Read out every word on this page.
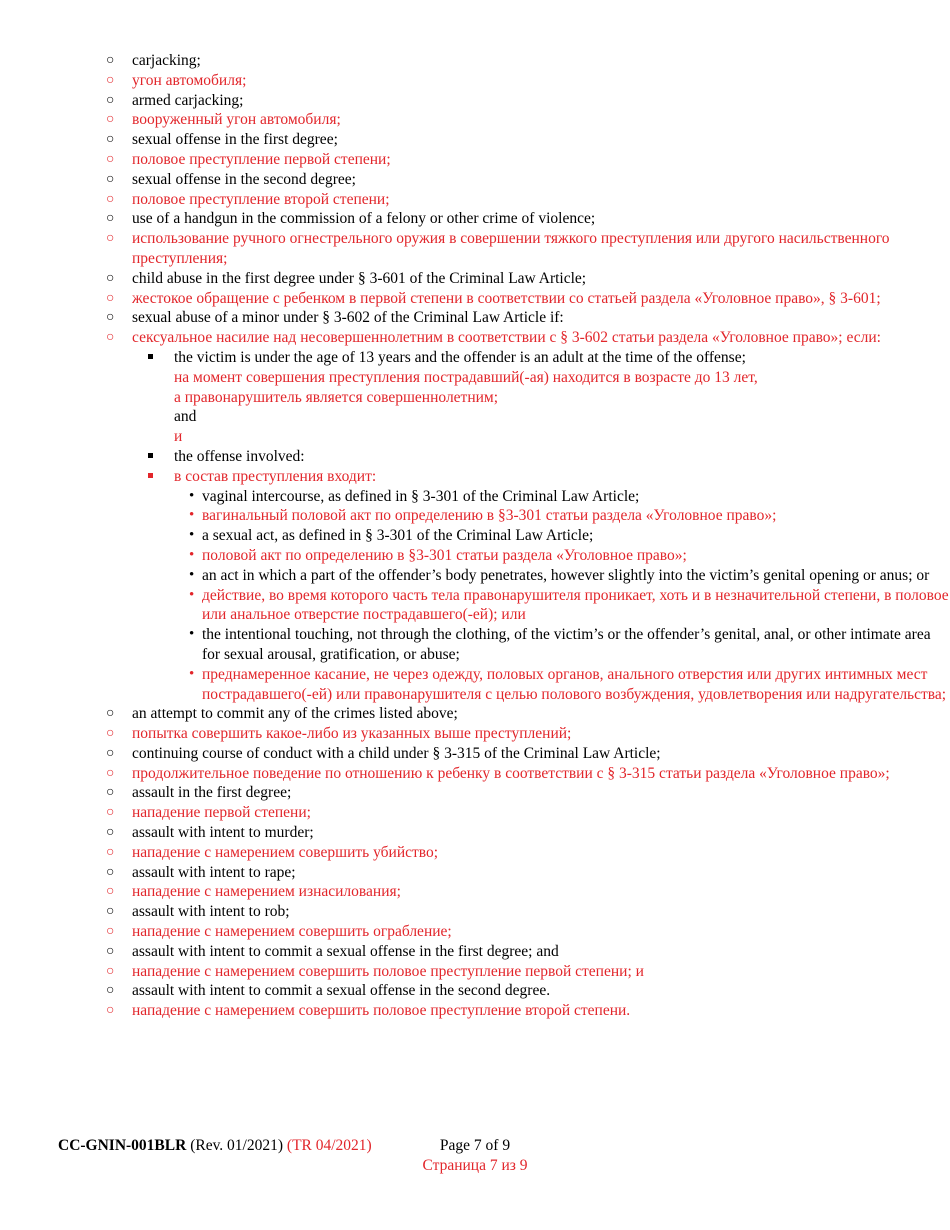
○ carjacking;
○ угон автомобиля;
○ armed carjacking;
○ вооруженный угон автомобиля;
○ sexual offense in the first degree;
○ половое преступление первой степени;
○ sexual offense in the second degree;
○ половое преступление второй степени;
○ use of a handgun in the commission of a felony or other crime of violence;
○ использование ручного огнестрельного оружия в совершении тяжкого преступления или другого насильственного преступления;
○ child abuse in the first degree under § 3-601 of the Criminal Law Article;
○ жестокое обращение с ребенком в первой степени в соответствии со статьей раздела «Уголовное право», § 3-601;
○ sexual abuse of a minor under § 3-602 of the Criminal Law Article if:
○ сексуальное насилие над несовершеннолетним в соответствии с § 3-602 статьи раздела «Уголовное право»; если:
the victim is under the age of 13 years and the offender is an adult at the time of the offense;
на момент совершения преступления пострадавший(-ая) находится в возрасте до 13 лет,
а правонарушитель является совершеннолетним;
and
и
the offense involved:
в состав преступления входит:
• vaginal intercourse, as defined in § 3-301 of the Criminal Law Article;
• вагинальный половой акт по определению в §3-301 статьи раздела «Уголовное право»;
• a sexual act, as defined in § 3-301 of the Criminal Law Article;
• половой акт по определению в §3-301 статьи раздела «Уголовное право»;
• an act in which a part of the offender’s body penetrates, however slightly into the victim’s genital opening or anus; or
• действие, во время которого часть тела правонарушителя проникает, хоть и в незначительной степени, в половое или анальное отверстие пострадавшего(-ей); или
• the intentional touching, not through the clothing, of the victim’s or the offender’s genital, anal, or other intimate area for sexual arousal, gratification, or abuse;
• преднамеренное касание, не через одежду, половых органов, анального отверстия или других интимных мест пострадавшего(-ей) или правонарушителя с целью полового возбуждения, удовлетворения или надругательства;
○ an attempt to commit any of the crimes listed above;
○ попытка совершить какое-либо из указанных выше преступлений;
○ continuing course of conduct with a child under § 3-315 of the Criminal Law Article;
○ продолжительное поведение по отношению к ребенку в соответствии с § 3-315 статьи раздела «Уголовное право»;
○ assault in the first degree;
○ нападение первой степени;
○ assault with intent to murder;
○ нападение с намерением совершить убийство;
○ assault with intent to rape;
○ нападение с намерением изнасилования;
○ assault with intent to rob;
○ нападение с намерением совершить ограбление;
○ assault with intent to commit a sexual offense in the first degree; and
○ нападение с намерением совершить половое преступление первой степени; и
○ assault with intent to commit a sexual offense in the second degree.
○ нападение с намерением совершить половое преступление второй степени.
CC-GNIN-001BLR (Rev. 01/2021) (TR 04/2021)	Page 7 of 9
Страница 7 из 9
